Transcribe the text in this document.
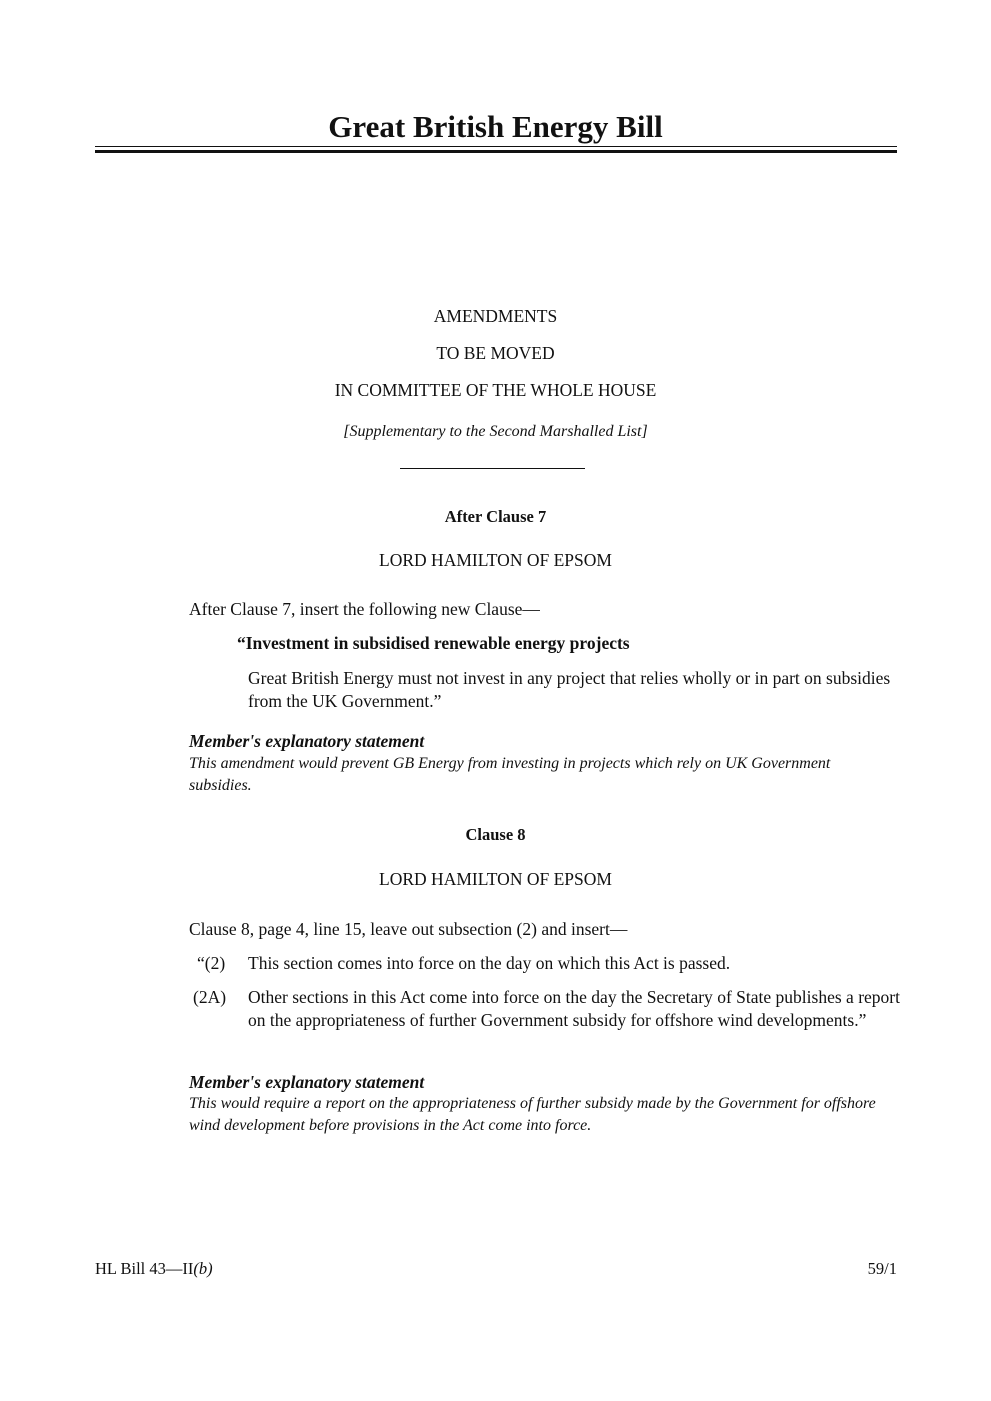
Great British Energy Bill
AMENDMENTS
TO BE MOVED
IN COMMITTEE OF THE WHOLE HOUSE
[Supplementary to the Second Marshalled List]
After Clause 7
LORD HAMILTON OF EPSOM
After Clause 7, insert the following new Clause—
“Investment in subsidised renewable energy projects
Great British Energy must not invest in any project that relies wholly or in part on subsidies from the UK Government.”
Member's explanatory statement
This amendment would prevent GB Energy from investing in projects which rely on UK Government subsidies.
Clause 8
LORD HAMILTON OF EPSOM
Clause 8, page 4, line 15, leave out subsection (2) and insert—
“(2) This section comes into force on the day on which this Act is passed.
(2A) Other sections in this Act come into force on the day the Secretary of State publishes a report on the appropriateness of further Government subsidy for offshore wind developments.”
Member's explanatory statement
This would require a report on the appropriateness of further subsidy made by the Government for offshore wind development before provisions in the Act come into force.
HL Bill 43—II(b)	59/1
